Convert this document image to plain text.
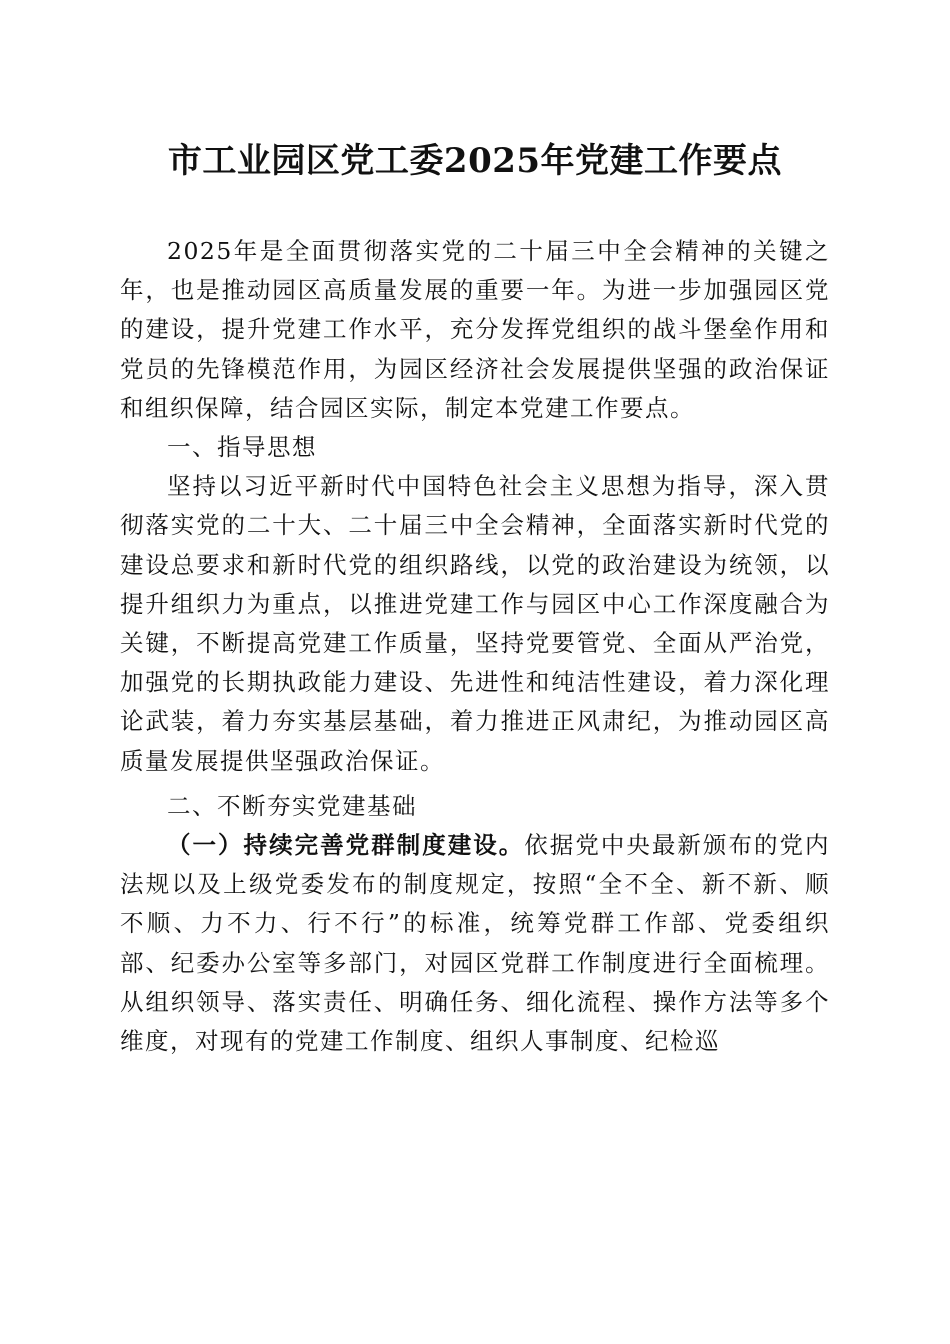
市工业园区党工委2025年党建工作要点

2025年是全面贯彻落实党的二十届三中全会精神的关键之年，也是推动园区高质量发展的重要一年。为进一步加强园区党的建设，提升党建工作水平，充分发挥党组织的战斗堡垒作用和党员的先锋模范作用，为园区经济社会发展提供坚强的政治保证和组织保障，结合园区实际，制定本党建工作要点。

一、指导思想

坚持以习近平新时代中国特色社会主义思想为指导，深入贯彻落实党的二十大、二十届三中全会精神，全面落实新时代党的建设总要求和新时代党的组织路线，以党的政治建设为统领，以提升组织力为重点，以推进党建工作与园区中心工作深度融合为关键，不断提高党建工作质量，坚持党要管党、全面从严治党，加强党的长期执政能力建设、先进性和纯洁性建设，着力深化理论武装，着力夯实基层基础，着力推进正风肃纪，为推动园区高质量发展提供坚强政治保证。

二、不断夯实党建基础

（一）持续完善党群制度建设。依据党中央最新颁布的党内法规以及上级党委发布的制度规定，按照“全不全、新不新、顺不顺、力不力、行不行”的标准，统筹党群工作部、党委组织部、纪委办公室等多部门，对园区党群工作制度进行全面梳理。从组织领导、落实责任、明确任务、细化流程、操作方法等多个维度，对现有的党建工作制度、组织人事制度、纪检巡
